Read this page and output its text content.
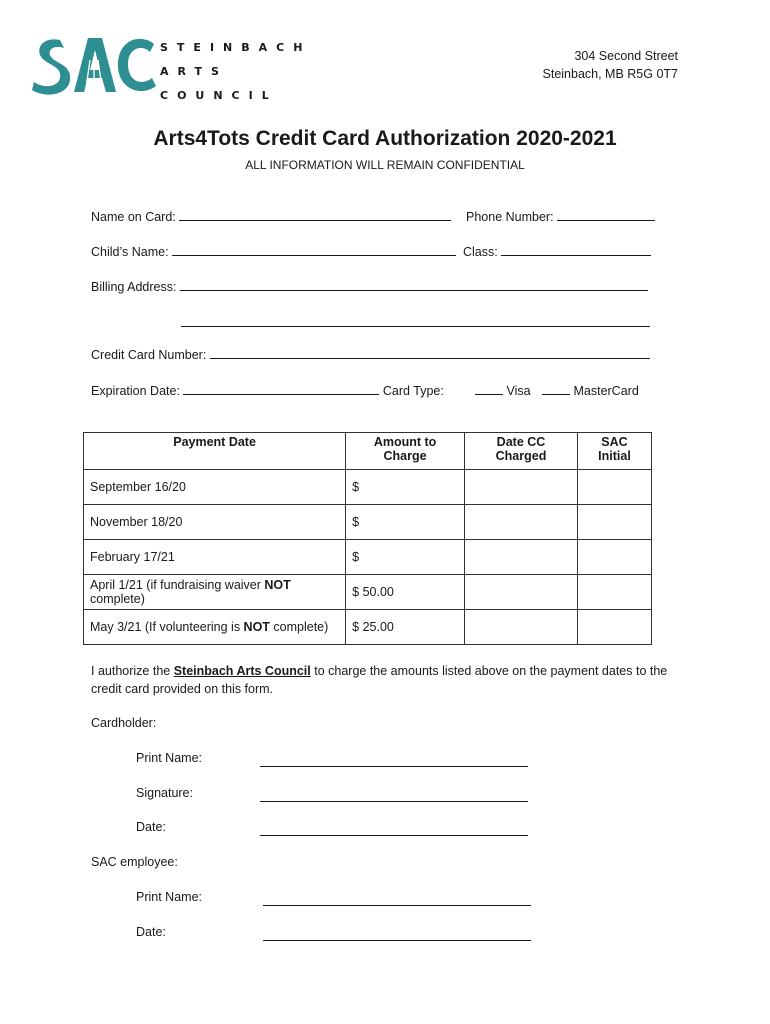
STEINBACH
ARTS
COUNCIL
304 Second Street
Steinbach, MB R5G 0T7
Arts4Tots Credit Card Authorization 2020-2021
ALL INFORMATION WILL REMAIN CONFIDENTIAL
Name on Card:	Phone Number:
Child’s Name:	Class:
Billing Address:
Credit Card Number:
Expiration Date:	Card Type:	Visa	MasterCard
Payment Date	Amount to Charge	Date CC Charged	SAC Initial
September 16/20	$		
November 18/20	$		
February 17/21	$		
April 1/21 (if fundraising waiver NOT complete)	$ 50.00		
May 3/21 (If volunteering is NOT complete)	$ 25.00		
I authorize the Steinbach Arts Council to charge the amounts listed above on the payment dates to the credit card provided on this form.
Cardholder:
Print Name:
Signature:
Date:
SAC employee:
Print Name:
Date:
